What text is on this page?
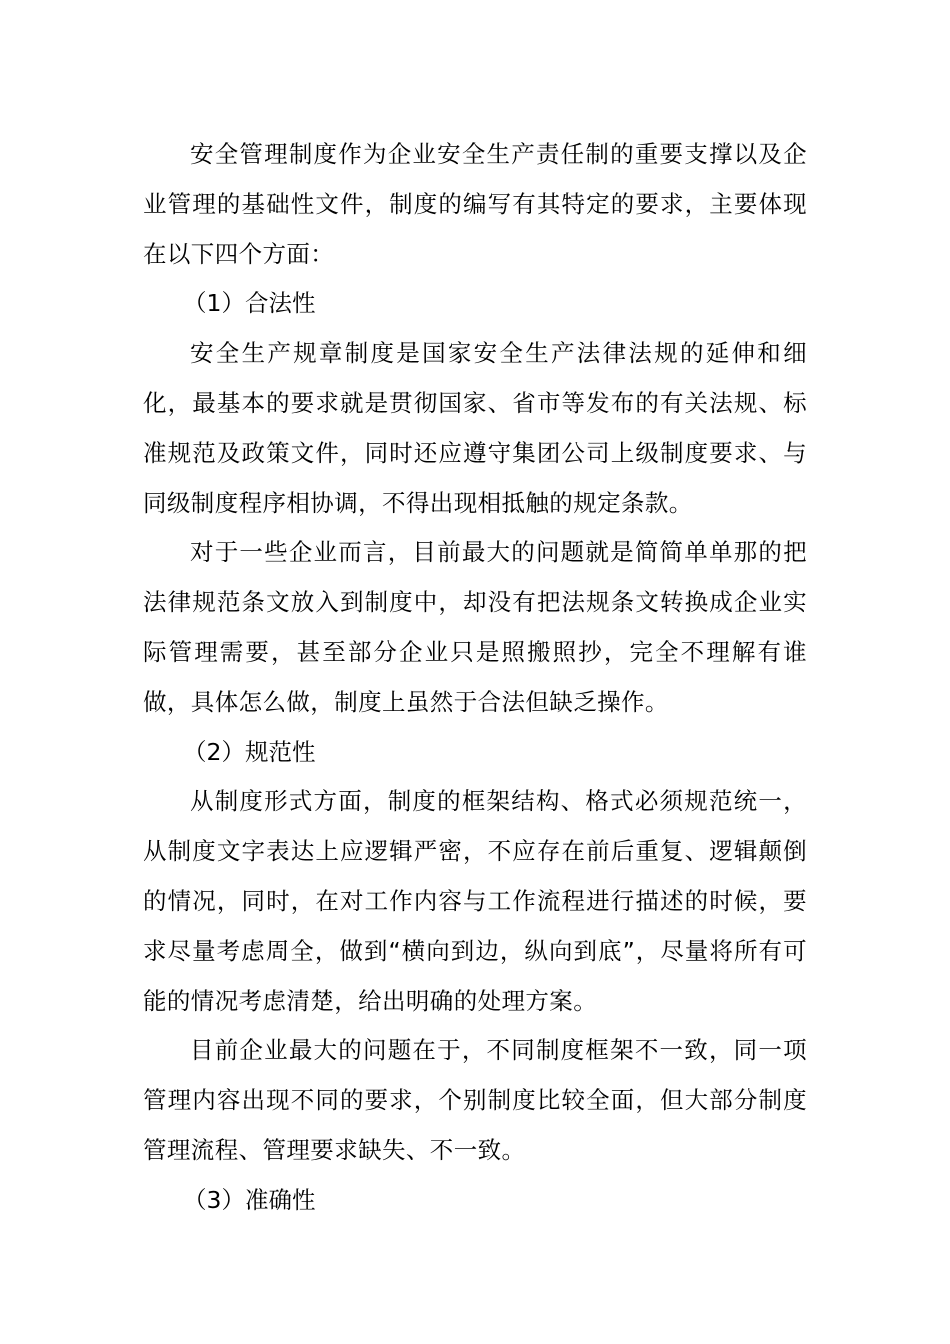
安全管理制度作为企业安全生产责任制的重要支撑以及企业管理的基础性文件，制度的编写有其特定的要求，主要体现在以下四个方面：

（1）合法性

安全生产规章制度是国家安全生产法律法规的延伸和细化，最基本的要求就是贯彻国家、省市等发布的有关法规、标准规范及政策文件，同时还应遵守集团公司上级制度要求、与同级制度程序相协调，不得出现相抵触的规定条款。

对于一些企业而言，目前最大的问题就是简简单单那的把法律规范条文放入到制度中，却没有把法规条文转换成企业实际管理需要，甚至部分企业只是照搬照抄，完全不理解有谁做，具体怎么做，制度上虽然于合法但缺乏操作。

（2）规范性

从制度形式方面，制度的框架结构、格式必须规范统一，从制度文字表达上应逻辑严密，不应存在前后重复、逻辑颠倒的情况，同时，在对工作内容与工作流程进行描述的时候，要求尽量考虑周全，做到“横向到边，纵向到底”，尽量将所有可能的情况考虑清楚，给出明确的处理方案。

目前企业最大的问题在于，不同制度框架不一致，同一项管理内容出现不同的要求，个别制度比较全面，但大部分制度管理流程、管理要求缺失、不一致。

（3）准确性
